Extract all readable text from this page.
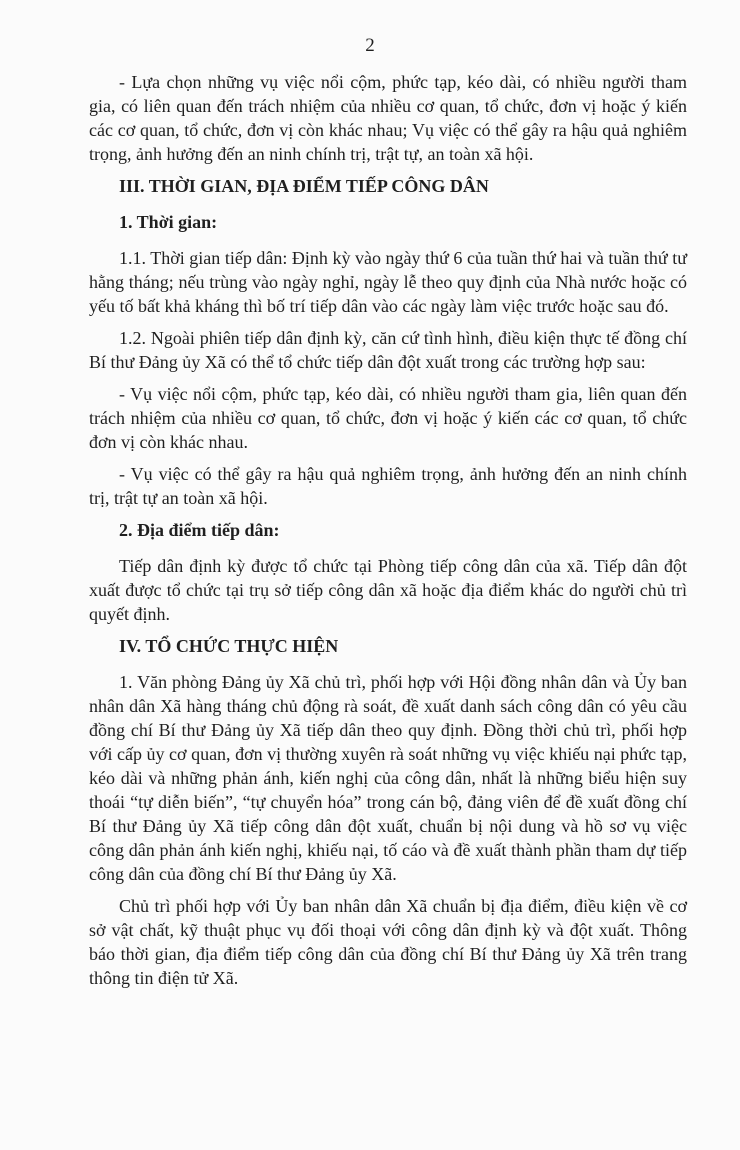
2

- Lựa chọn những vụ việc nổi cộm, phức tạp, kéo dài, có nhiều người tham gia, có liên quan đến trách nhiệm của nhiều cơ quan, tổ chức, đơn vị hoặc ý kiến các cơ quan, tổ chức, đơn vị còn khác nhau; Vụ việc có thể gây ra hậu quả nghiêm trọng, ảnh hưởng đến an ninh chính trị, trật tự, an toàn xã hội.

III. THỜI GIAN, ĐỊA ĐIỂM TIẾP CÔNG DÂN
1. Thời gian:

1.1. Thời gian tiếp dân: Định kỳ vào ngày thứ 6 của tuần thứ hai và tuần thứ tư hằng tháng; nếu trùng vào ngày nghỉ, ngày lễ theo quy định của Nhà nước hoặc có yếu tố bất khả kháng thì bố trí tiếp dân vào các ngày làm việc trước hoặc sau đó.

1.2. Ngoài phiên tiếp dân định kỳ, căn cứ tình hình, điều kiện thực tế đồng chí Bí thư Đảng ủy Xã có thể tổ chức tiếp dân đột xuất trong các trường hợp sau:

- Vụ việc nổi cộm, phức tạp, kéo dài, có nhiều người tham gia, liên quan đến trách nhiệm của nhiều cơ quan, tổ chức, đơn vị hoặc ý kiến các cơ quan, tổ chức đơn vị còn khác nhau.

- Vụ việc có thể gây ra hậu quả nghiêm trọng, ảnh hưởng đến an ninh chính trị, trật tự an toàn xã hội.

2. Địa điểm tiếp dân:

Tiếp dân định kỳ được tổ chức tại Phòng tiếp công dân của xã. Tiếp dân đột xuất được tổ chức tại trụ sở tiếp công dân xã hoặc địa điểm khác do người chủ trì quyết định.

IV. TỔ CHỨC THỰC HIỆN

1. Văn phòng Đảng ủy Xã chủ trì, phối hợp với Hội đồng nhân dân và Ủy ban nhân dân Xã hàng tháng chủ động rà soát, đề xuất danh sách công dân có yêu cầu đồng chí Bí thư Đảng ủy Xã tiếp dân theo quy định. Đồng thời chủ trì, phối hợp với cấp ủy cơ quan, đơn vị thường xuyên rà soát những vụ việc khiếu nại phức tạp, kéo dài và những phản ánh, kiến nghị của công dân, nhất là những biểu hiện suy thoái “tự diễn biến”, “tự chuyển hóa” trong cán bộ, đảng viên để đề xuất đồng chí Bí thư Đảng ủy Xã tiếp công dân đột xuất, chuẩn bị nội dung và hồ sơ vụ việc công dân phản ánh kiến nghị, khiếu nại, tố cáo và đề xuất thành phần tham dự tiếp công dân của đồng chí Bí thư Đảng ủy Xã.

Chủ trì phối hợp với Ủy ban nhân dân Xã chuẩn bị địa điểm, điều kiện về cơ sở vật chất, kỹ thuật phục vụ đối thoại với công dân định kỳ và đột xuất. Thông báo thời gian, địa điểm tiếp công dân của đồng chí Bí thư Đảng ủy Xã trên trang thông tin điện tử Xã.
